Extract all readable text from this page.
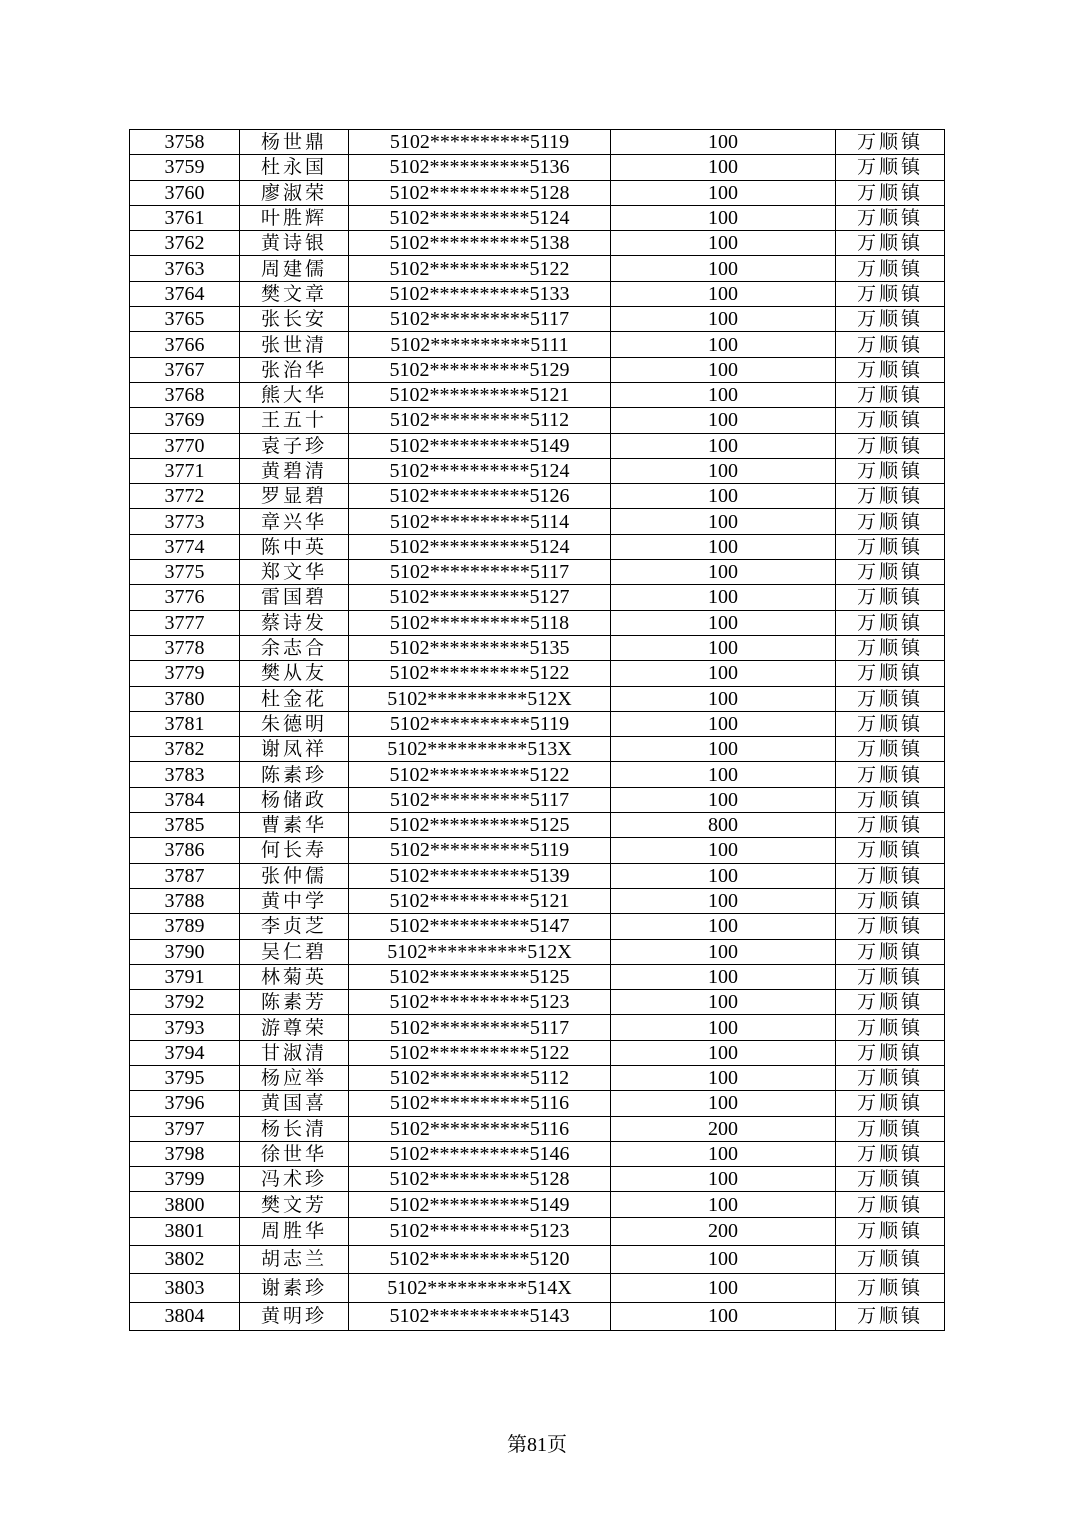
3758	杨世鼎	5102**********5119	100	万顺镇
3759	杜永国	5102**********5136	100	万顺镇
3760	廖淑荣	5102**********5128	100	万顺镇
3761	叶胜辉	5102**********5124	100	万顺镇
3762	黄诗银	5102**********5138	100	万顺镇
3763	周建儒	5102**********5122	100	万顺镇
3764	樊文章	5102**********5133	100	万顺镇
3765	张长安	5102**********5117	100	万顺镇
3766	张世清	5102**********5111	100	万顺镇
3767	张治华	5102**********5129	100	万顺镇
3768	熊大华	5102**********5121	100	万顺镇
3769	王五十	5102**********5112	100	万顺镇
3770	袁子珍	5102**********5149	100	万顺镇
3771	黄碧清	5102**********5124	100	万顺镇
3772	罗显碧	5102**********5126	100	万顺镇
3773	章兴华	5102**********5114	100	万顺镇
3774	陈中英	5102**********5124	100	万顺镇
3775	郑文华	5102**********5117	100	万顺镇
3776	雷国碧	5102**********5127	100	万顺镇
3777	蔡诗发	5102**********5118	100	万顺镇
3778	余志合	5102**********5135	100	万顺镇
3779	樊从友	5102**********5122	100	万顺镇
3780	杜金花	5102**********512X	100	万顺镇
3781	朱德明	5102**********5119	100	万顺镇
3782	谢凤祥	5102**********513X	100	万顺镇
3783	陈素珍	5102**********5122	100	万顺镇
3784	杨储政	5102**********5117	100	万顺镇
3785	曹素华	5102**********5125	800	万顺镇
3786	何长寿	5102**********5119	100	万顺镇
3787	张仲儒	5102**********5139	100	万顺镇
3788	黄中学	5102**********5121	100	万顺镇
3789	李贞芝	5102**********5147	100	万顺镇
3790	吴仁碧	5102**********512X	100	万顺镇
3791	林菊英	5102**********5125	100	万顺镇
3792	陈素芳	5102**********5123	100	万顺镇
3793	游尊荣	5102**********5117	100	万顺镇
3794	甘淑清	5102**********5122	100	万顺镇
3795	杨应举	5102**********5112	100	万顺镇
3796	黄国喜	5102**********5116	100	万顺镇
3797	杨长清	5102**********5116	200	万顺镇
3798	徐世华	5102**********5146	100	万顺镇
3799	冯术珍	5102**********5128	100	万顺镇
3800	樊文芳	5102**********5149	100	万顺镇
3801	周胜华	5102**********5123	200	万顺镇
3802	胡志兰	5102**********5120	100	万顺镇
3803	谢素珍	5102**********514X	100	万顺镇
3804	黄明珍	5102**********5143	100	万顺镇
第81页
